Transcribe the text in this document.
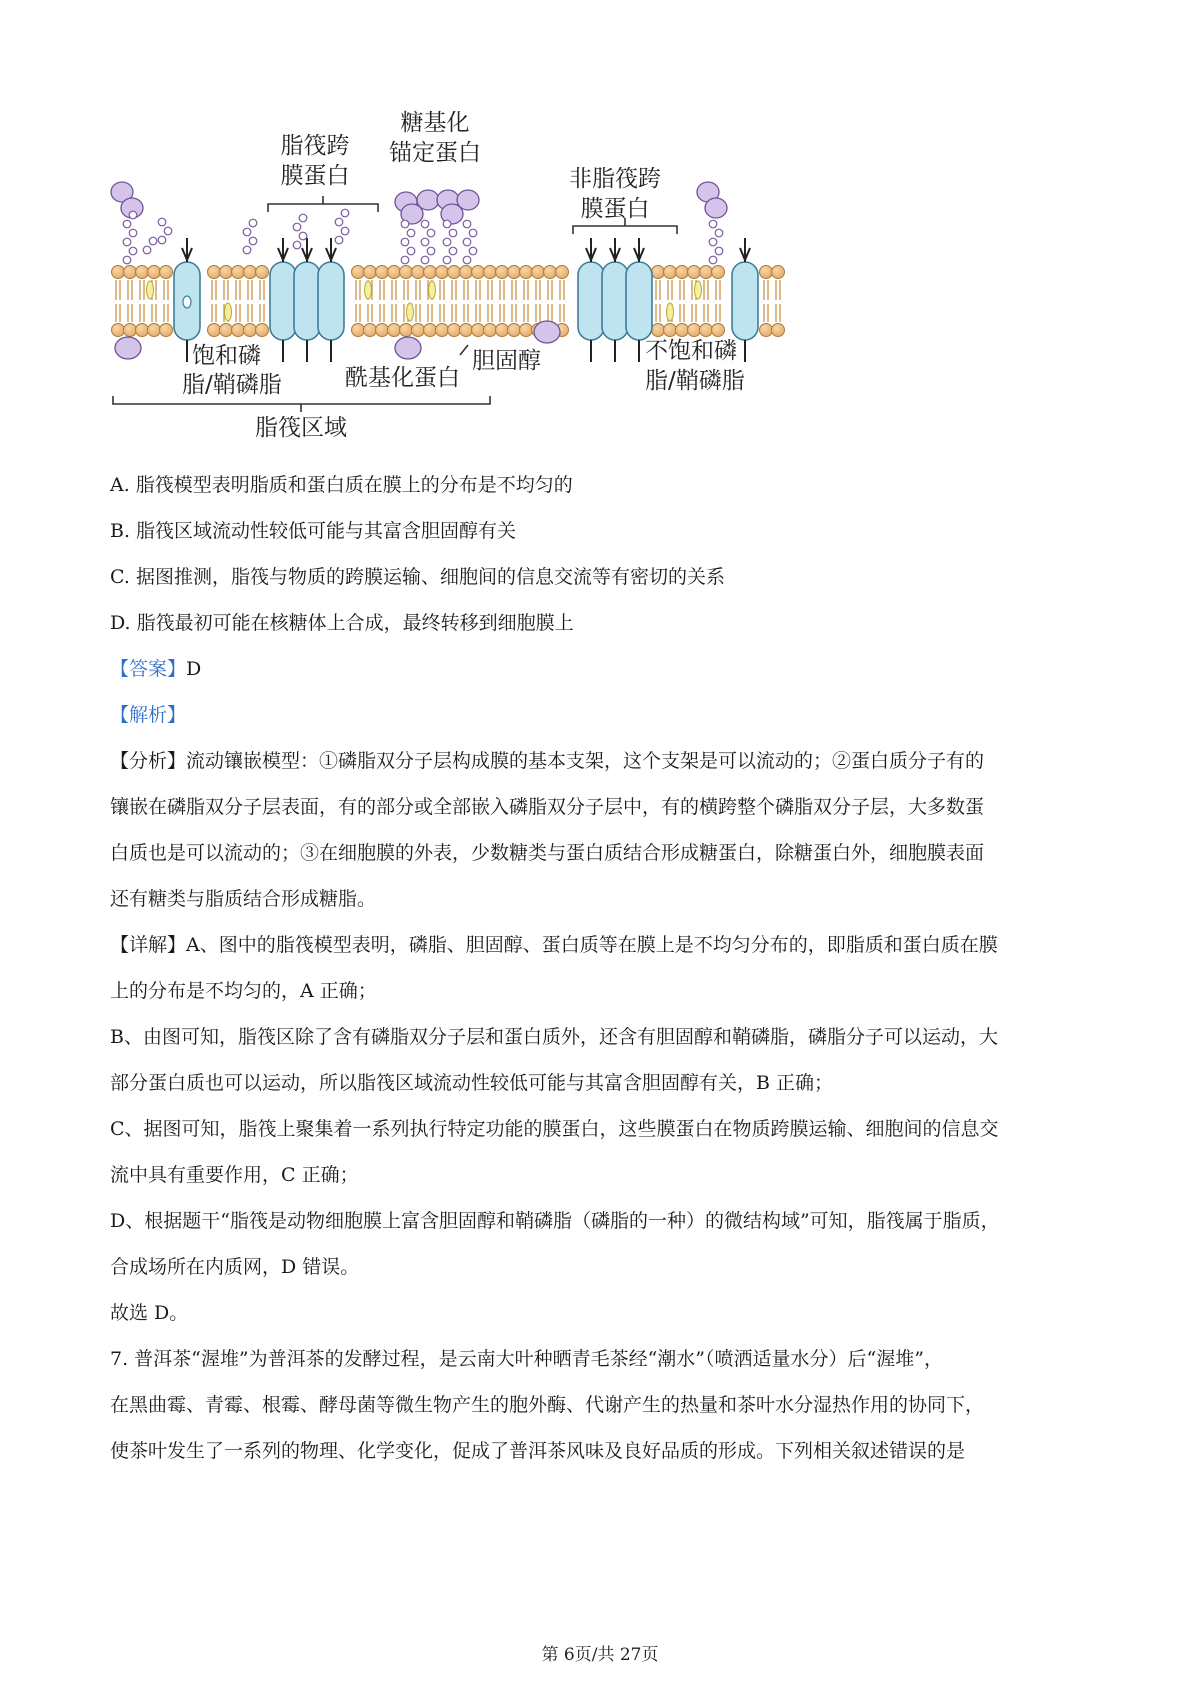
脂筏跨
膜蛋白
糖基化
锚定蛋白
非脂筏跨
膜蛋白
饱和磷
脂/鞘磷脂	酰基化蛋白
胆固醇	不饱和磷
脂/鞘磷脂
脂筏区域
A. 脂筏模型表明脂质和蛋白质在膜上的分布是不均匀的
B. 脂筏区域流动性较低可能与其富含胆固醇有关
C. 据图推测，脂筏与物质的跨膜运输、细胞间的信息交流等有密切的关系
D. 脂筏最初可能在核糖体上合成，最终转移到细胞膜上
【答案】D
【解析】
【分析】流动镶嵌模型：①磷脂双分子层构成膜的基本支架，这个支架是可以流动的；②蛋白质分子有的
镶嵌在磷脂双分子层表面，有的部分或全部嵌入磷脂双分子层中，有的横跨整个磷脂双分子层，大多数蛋
白质也是可以流动的；③在细胞膜的外表，少数糖类与蛋白质结合形成糖蛋白，除糖蛋白外，细胞膜表面
还有糖类与脂质结合形成糖脂。
【详解】A、图中的脂筏模型表明，磷脂、胆固醇、蛋白质等在膜上是不均匀分布的，即脂质和蛋白质在膜
上的分布是不均匀的，A 正确；
B、由图可知，脂筏区除了含有磷脂双分子层和蛋白质外，还含有胆固醇和鞘磷脂，磷脂分子可以运动，大
部分蛋白质也可以运动，所以脂筏区域流动性较低可能与其富含胆固醇有关，B 正确；
C、据图可知，脂筏上聚集着一系列执行特定功能的膜蛋白，这些膜蛋白在物质跨膜运输、细胞间的信息交
流中具有重要作用，C 正确；
D、根据题干“脂筏是动物细胞膜上富含胆固醇和鞘磷脂（磷脂的一种）的微结构域”可知，脂筏属于脂质，
合成场所在内质网，D 错误。
故选 D。
7. 普洱茶“渥堆”为普洱茶的发酵过程，是云南大叶种晒青毛茶经“潮水”（喷洒适量水分）后“渥堆”，
在黑曲霉、青霉、根霉、酵母菌等微生物产生的胞外酶、代谢产生的热量和茶叶水分湿热作用的协同下，
使茶叶发生了一系列的物理、化学变化，促成了普洱茶风味及良好品质的形成。下列相关叙述错误的是
第 6页/共 27页
